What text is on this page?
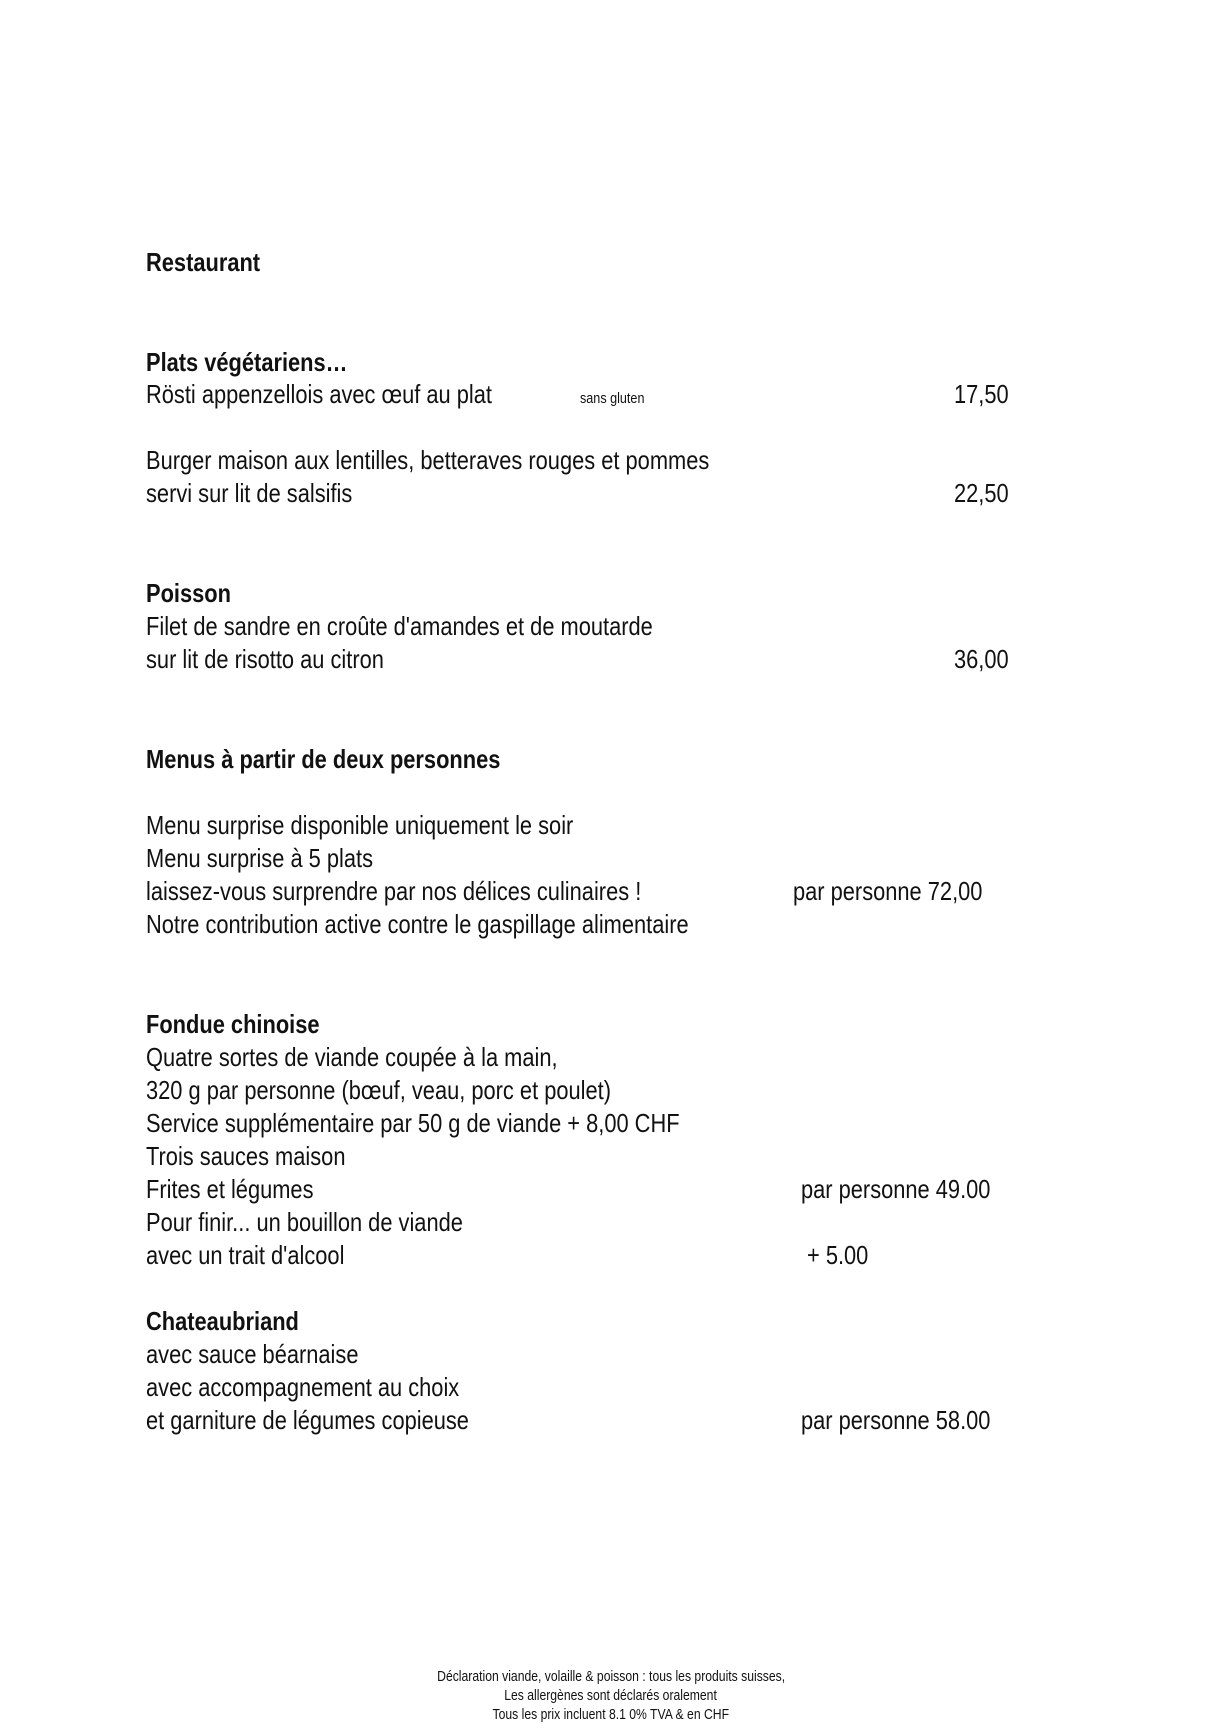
Restaurant
Plats végétariens…
Rösti appenzellois avec œuf au plat	sans gluten	17,50
Burger maison aux lentilles, betteraves rouges et pommes
servi sur lit de salsifis	22,50
Poisson
Filet de sandre en croûte d'amandes et de moutarde
sur lit de risotto au citron	36,00
Menus à partir de deux personnes
Menu surprise disponible uniquement le soir
Menu surprise à 5 plats
laissez-vous surprendre par nos délices culinaires !	par personne 72,00
Notre contribution active contre le gaspillage alimentaire
Fondue chinoise
Quatre sortes de viande coupée à la main,
320 g par personne (bœuf, veau, porc et poulet)
Service supplémentaire par 50 g de viande + 8,00 CHF
Trois sauces maison
Frites et légumes	par personne 49.00
Pour finir... un bouillon de viande
avec un trait d'alcool	+ 5.00
Chateaubriand
avec sauce béarnaise
avec accompagnement au choix
et garniture de légumes copieuse	par personne 58.00
Déclaration viande, volaille & poisson : tous les produits suisses,
Les allergènes sont déclarés oralement
Tous les prix incluent 8.1 0% TVA & en CHF
